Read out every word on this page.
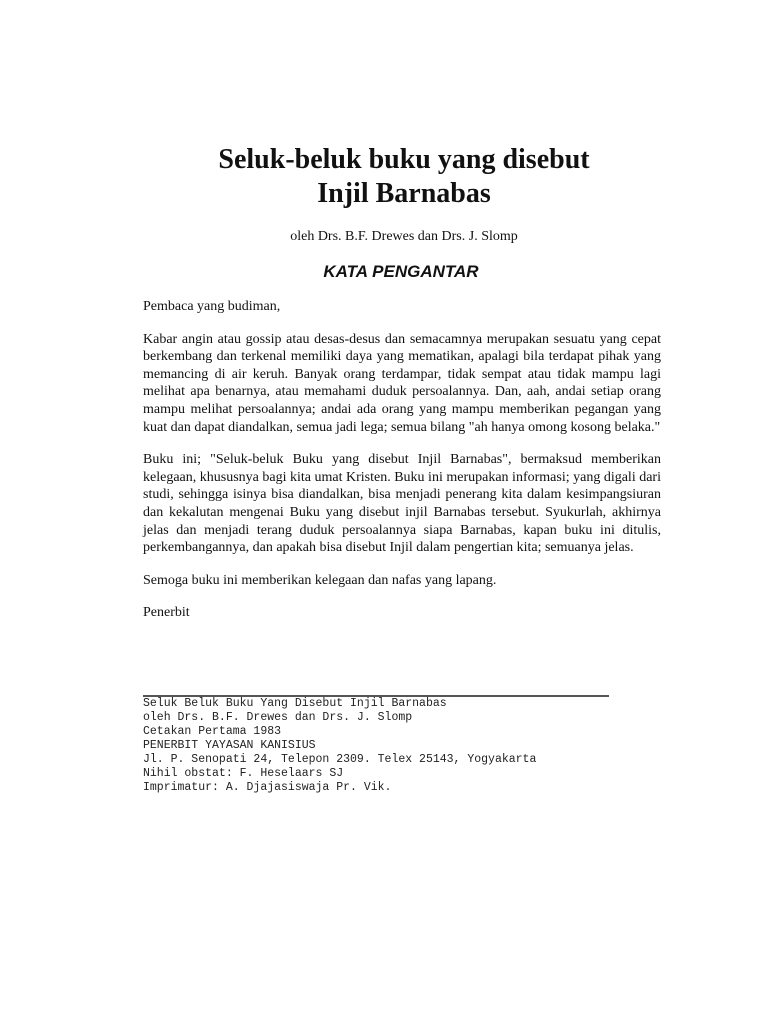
Seluk-beluk buku yang disebut
Injil Barnabas
oleh Drs. B.F. Drewes dan Drs. J. Slomp
KATA PENGANTAR

Pembaca yang budiman,

Kabar angin atau gossip atau desas-desus dan semacamnya merupakan sesuatu yang cepat berkembang dan terkenal memiliki daya yang mematikan, apalagi bila terdapat pihak yang memancing di air keruh. Banyak orang terdampar, tidak sempat atau tidak mampu lagi melihat apa benarnya, atau memahami duduk persoalannya. Dan, aah, andai setiap orang mampu melihat persoalannya; andai ada orang yang mampu memberikan pegangan yang kuat dan dapat diandalkan, semua jadi lega; semua bilang "ah hanya omong kosong belaka."

Buku ini; "Seluk-beluk Buku yang disebut Injil Barnabas", bermaksud memberikan kelegaan, khususnya bagi kita umat Kristen. Buku ini merupakan informasi; yang digali dari studi, sehingga isinya bisa diandalkan, bisa menjadi penerang kita dalam kesimpangsiuran dan kekalutan mengenai Buku yang disebut injil Barnabas tersebut. Syukurlah, akhirnya jelas dan menjadi terang duduk persoalannya siapa Barnabas, kapan buku ini ditulis, perkembangannya, dan apakah bisa disebut Injil dalam pengertian kita; semuanya jelas.

Semoga buku ini memberikan kelegaan dan nafas yang lapang.

Penerbit

Seluk Beluk Buku Yang Disebut Injil Barnabas
oleh Drs. B.F. Drewes dan Drs. J. Slomp
Cetakan Pertama 1983
PENERBIT YAYASAN KANISIUS
Jl. P. Senopati 24, Telepon 2309. Telex 25143, Yogyakarta
Nihil obstat: F. Heselaars SJ
Imprimatur: A. Djajasiswaja Pr. Vik.
